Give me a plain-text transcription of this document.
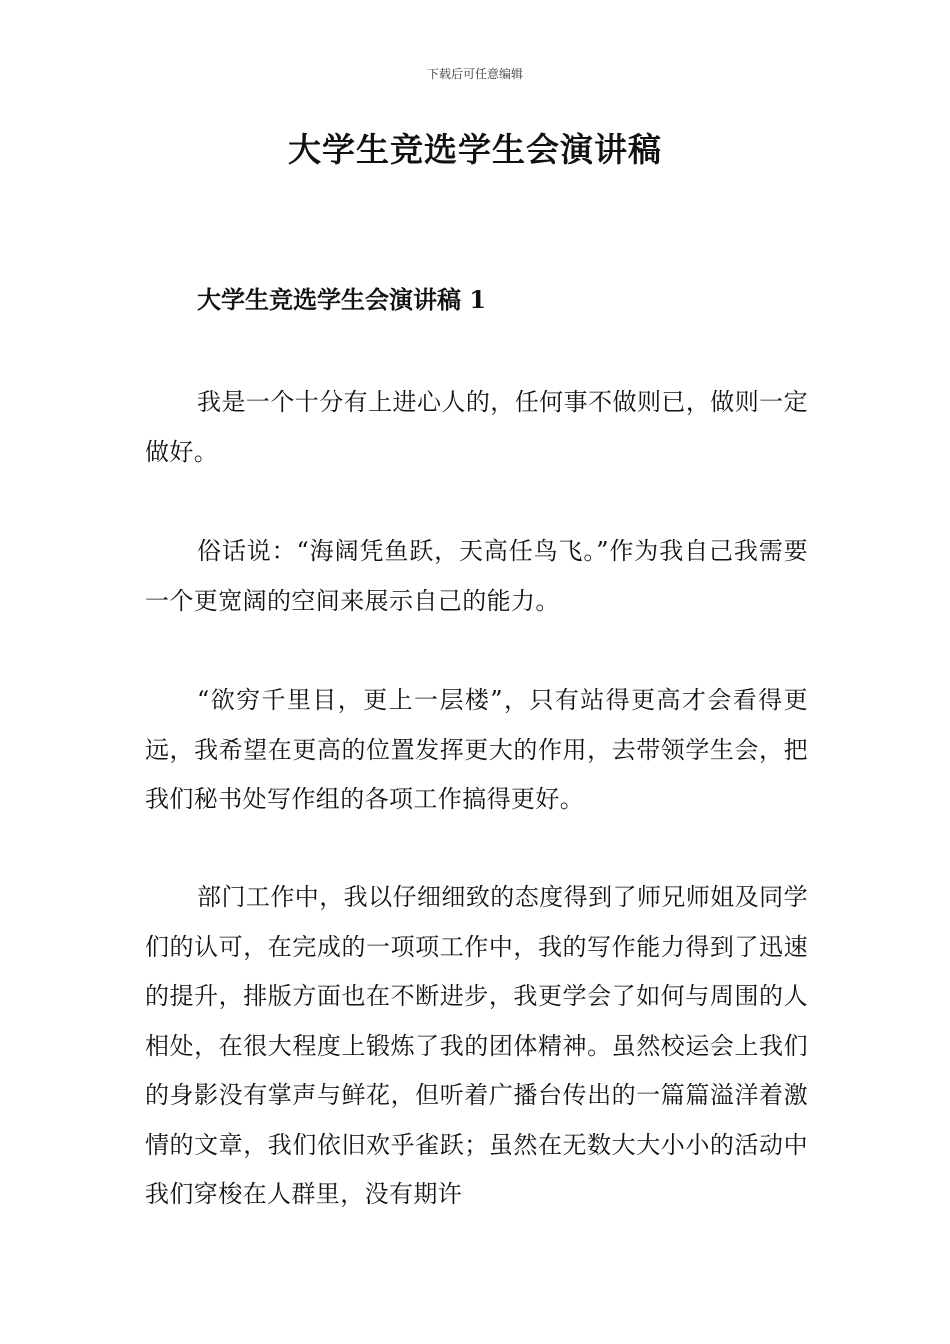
下载后可任意编辑
大学生竞选学生会演讲稿
大学生竞选学生会演讲稿 1

我是一个十分有上进心人的，任何事不做则已，做则一定做好。

俗话说：“海阔凭鱼跃，天高任鸟飞。”作为我自己我需要一个更宽阔的空间来展示自己的能力。

“欲穷千里目，更上一层楼”，只有站得更高才会看得更远，我希望在更高的位置发挥更大的作用，去带领学生会，把我们秘书处写作组的各项工作搞得更好。

部门工作中，我以仔细细致的态度得到了师兄师姐及同学们的认可，在完成的一项项工作中，我的写作能力得到了迅速的提升，排版方面也在不断进步，我更学会了如何与周围的人相处，在很大程度上锻炼了我的团体精神。虽然校运会上我们的身影没有掌声与鲜花，但听着广播台传出的一篇篇溢洋着激情的文章，我们依旧欢乎雀跃；虽然在无数大大小小的活动中我们穿梭在人群里，没有期许
